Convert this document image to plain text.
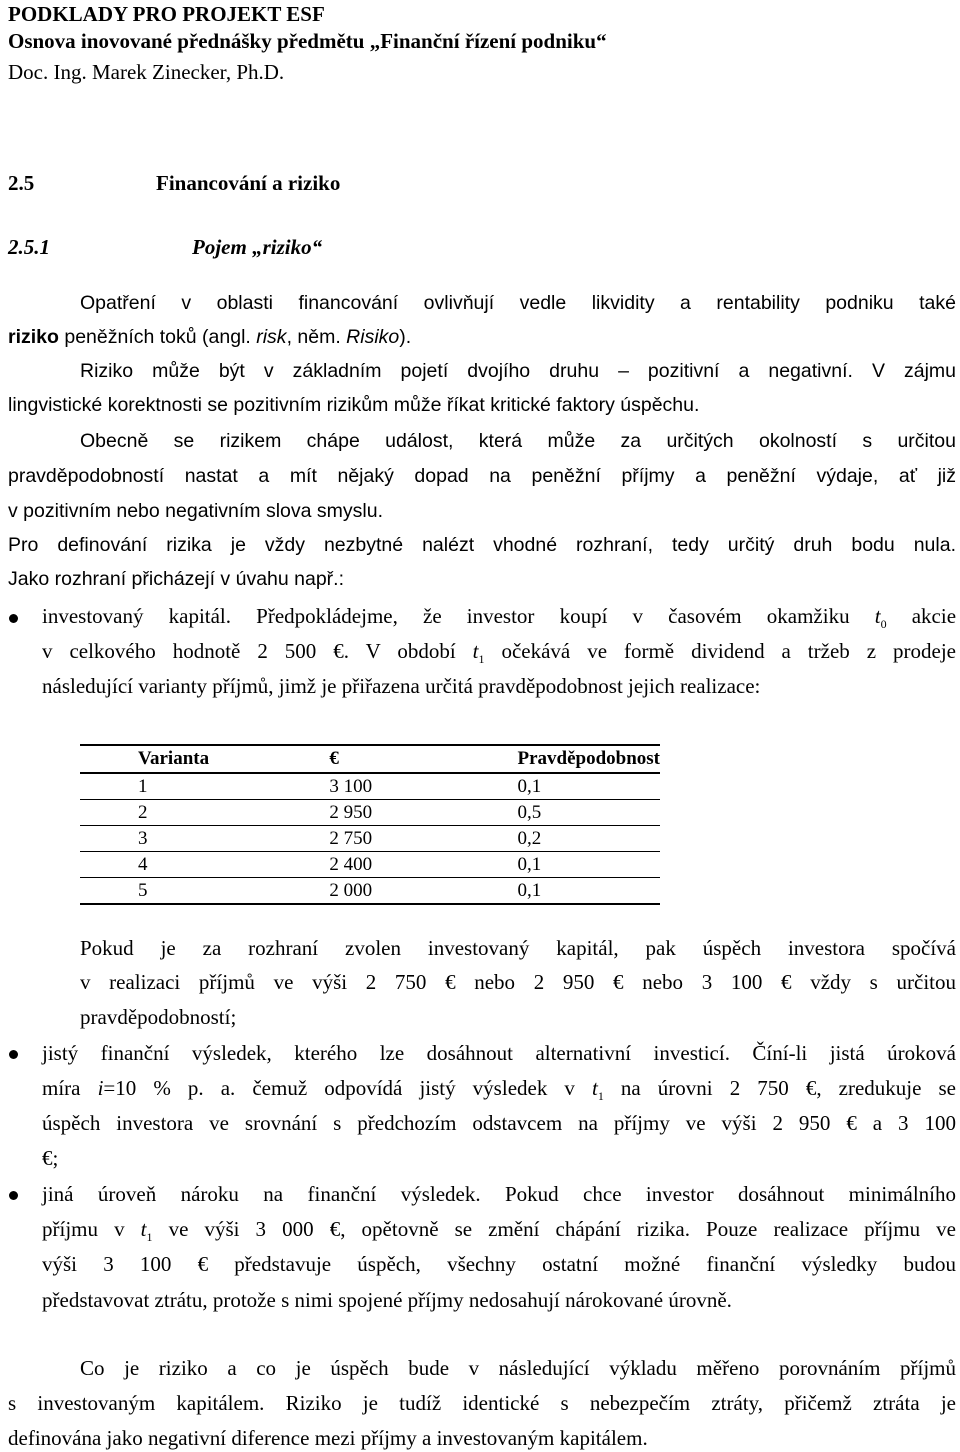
PODKLADY PRO PROJEKT ESF
Osnova inovované přednášky předmětu „Finanční řízení podniku“
Doc. Ing. Marek Zinecker, Ph.D.
2.5	Financování a riziko
2.5.1	Pojem „riziko“
Opatření v oblasti financování ovlivňují vedle likvidity a rentability podniku také
riziko peněžních toků (angl. risk, něm. Risiko).
Riziko může být v základním pojetí dvojího druhu – pozitivní a negativní. V zájmu
lingvistické korektnosti se pozitivním rizikům může říkat kritické faktory úspěchu.
Obecně se rizikem chápe událost, která může za určitých okolností s určitou
pravděpodobností nastat a mít nějaký dopad na peněžní příjmy a peněžní výdaje, ať již
v pozitivním nebo negativním slova smyslu.
Pro definování rizika je vždy nezbytné nalézt vhodné rozhraní, tedy určitý druh bodu nula.
Jako rozhraní přicházejí v úvahu např.:
investovaný kapitál. Předpokládejme, že investor koupí v časovém okamžiku $t_0$ akcie
v celkového hodnotě 2 500 €. V období $t_1$ očekává ve formě dividend a tržeb z prodeje
následující varianty příjmů, jimž je přiřazena určitá pravděpodobnost jejich realizace:
Varianta	€	Pravděpodobnost
1	3 100	0,1
2	2 950	0,5
3	2 750	0,2
4	2 400	0,1
5	2 000	0,1
Pokud je za rozhraní zvolen investovaný kapitál, pak úspěch investora spočívá
v realizaci příjmů ve výši 2 750 € nebo 2 950 € nebo 3 100 € vždy s určitou
pravděpodobností;
jistý finanční výsledek, kterého lze dosáhnout alternativní investicí. Číní-li jistá úroková
míra i=10 % p. a. čemuž odpovídá jistý výsledek v $t_1$ na úrovni 2 750 €, zredukuje se
úspěch investora ve srovnání s předchozím odstavcem na příjmy ve výši 2 950 € a 3 100
€;
jiná úroveň nároku na finanční výsledek. Pokud chce investor dosáhnout minimálního
příjmu v $t_1$ ve výši 3 000 €, opětovně se změní chápání rizika. Pouze realizace příjmu ve
výši 3 100 € představuje úspěch, všechny ostatní možné finanční výsledky budou
představovat ztrátu, protože s nimi spojené příjmy nedosahují nárokované úrovně.
Co je riziko a co je úspěch bude v následující výkladu měřeno porovnáním příjmů
s investovaným kapitálem. Riziko je tudíž identické s nebezpečím ztráty, přičemž ztráta je
definována jako negativní diference mezi příjmy a investovaným kapitálem.
